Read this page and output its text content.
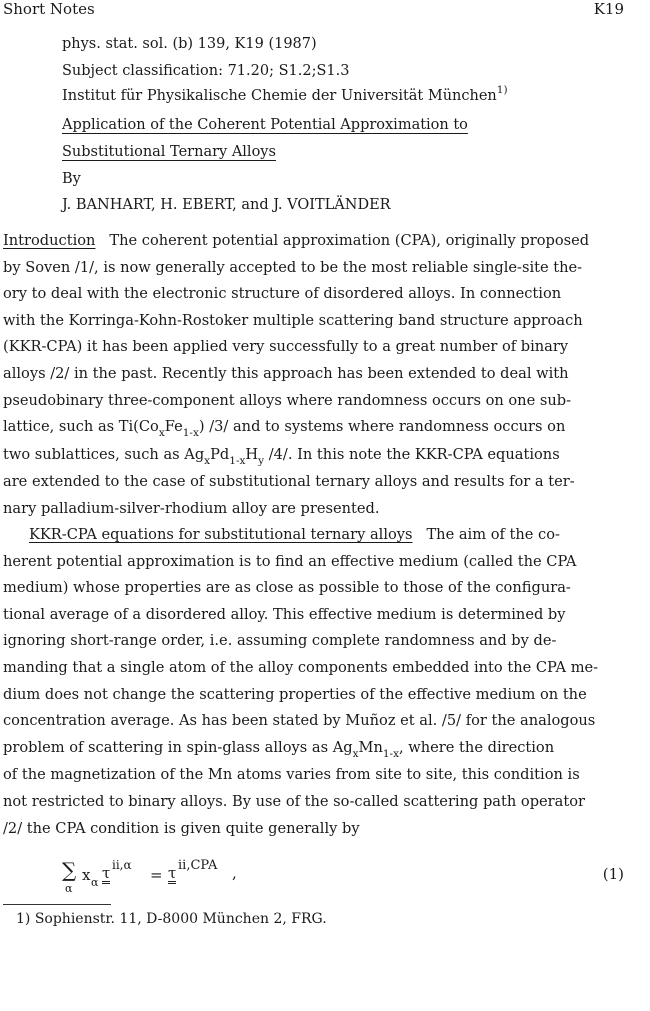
Short Notes	K19
phys. stat. sol. (b) 139, K19 (1987)
Subject classification: 71.20; S1.2;S1.3
Institut für Physikalische Chemie der Universität München$^{1)}$
Application of the Coherent Potential Approximation to
Substitutional Ternary Alloys
By
J. BANHART, H. EBERT, and J. VOITLÄNDER
Introduction The coherent potential approximation (CPA), originally proposed
by Soven /1/, is now generally accepted to be the most reliable single-site the-
ory to deal with the electronic structure of disordered alloys. In connection
with the Korringa-Kohn-Rostoker multiple scattering band structure approach
(KKR-CPA) it has been applied very successfully to a great number of binary
alloys /2/ in the past. Recently this approach has been extended to deal with
pseudobinary three-component alloys where randomness occurs on one sub-
lattice, such as $Ti(Co_xFe_{1-x})$ /3/ and to systems where randomness occurs on
two sublattices, such as $Ag_xPd_{1-x}H_y$ /4/. In this note the KKR-CPA equations
are extended to the case of substitutional ternary alloys and results for a ter-
nary palladium-silver-rhodium alloy are presented.
KKR-CPA equations for substitutional ternary alloys The aim of the co-
herent potential approximation is to find an effective medium (called the CPA
medium) whose properties are as close as possible to those of the configura-
tional average of a disordered alloy. This effective medium is determined by
ignoring short-range order, i.e. assuming complete randomness and by de-
manding that a single atom of the alloy components embedded into the CPA me-
dium does not change the scattering properties of the effective medium on the
concentration average. As has been stated by Muñoz et al. /5/ for the analogous
problem of scattering in spin-glass alloys as $Ag_xMn_{1-x}$, where the direction
of the magnetization of the Mn atoms varies from site to site, this condition is
not restricted to binary alloys. By use of the so-called scattering path operator
/2/ the CPA condition is given quite generally by
∑
α
x α
τ ii,α
= τ ii,CPA ,	(1)
1) Sophienstr. 11, D-8000 München 2, FRG.
